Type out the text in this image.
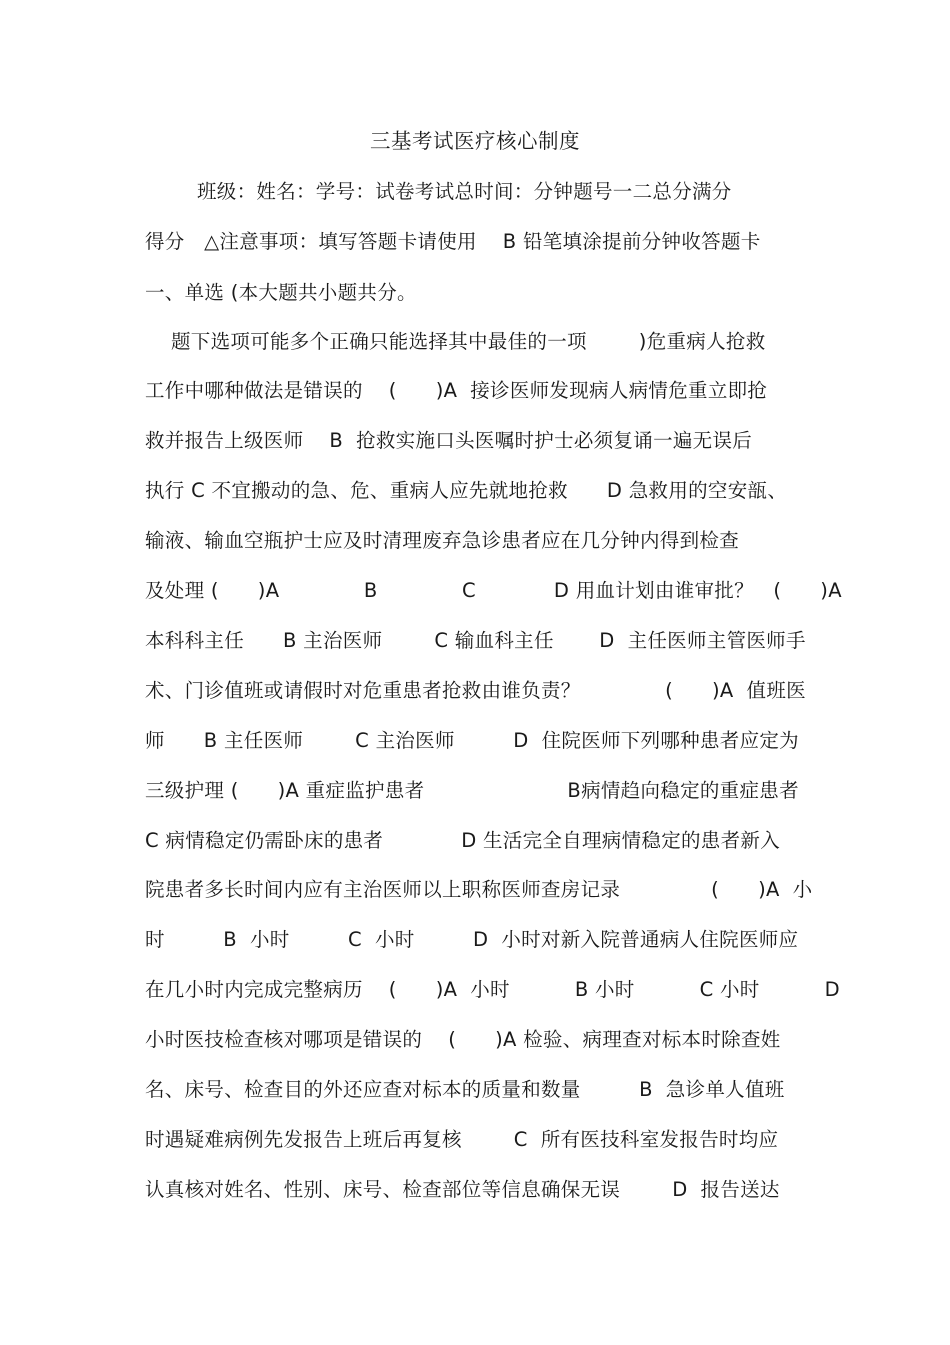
三基考试医疗核心制度
班级：姓名：学号：试卷考试总时间：分钟题号一二总分满分
得分   △注意事项：填写答题卡请使用    B 铅笔填涂提前分钟收答题卡
一、单选 (本大题共小题共分。
题下选项可能多个正确只能选择其中最佳的一项        )危重病人抢救
工作中哪种做法是错误的    (      )A  接诊医师发现病人病情危重立即抢
救并报告上级医师    B  抢救实施口头医嘱时护士必须复诵一遍无误后
执行 C 不宜搬动的急、危、重病人应先就地抢救      D 急救用的空安瓿、
输液、输血空瓶护士应及时清理废弃急诊患者应在几分钟内得到检查
及处理 (      )A             B             C            D 用血计划由谁审批？   (      )A
本科科主任      B 主治医师        C 输血科主任       D  主任医师主管医师手
术、门诊值班或请假时对危重患者抢救由谁负责？             (      )A  值班医
师      B 主任医师        C 主治医师         D  住院医师下列哪种患者应定为
三级护理 (      )A 重症监护患者                      B病情趋向稳定的重症患者
C 病情稳定仍需卧床的患者            D 生活完全自理病情稳定的患者新入
院患者多长时间内应有主治医师以上职称医师查房记录              (      )A  小
时         B  小时         C  小时         D  小时对新入院普通病人住院医师应
在几小时内完成完整病历    (      )A  小时          B 小时          C 小时          D
小时医技检查核对哪项是错误的    (      )A 检验、病理查对标本时除查姓
名、床号、检查目的外还应查对标本的质量和数量         B  急诊单人值班
时遇疑难病例先发报告上班后再复核        C  所有医技科室发报告时均应
认真核对姓名、性别、床号、检查部位等信息确保无误        D  报告送达
